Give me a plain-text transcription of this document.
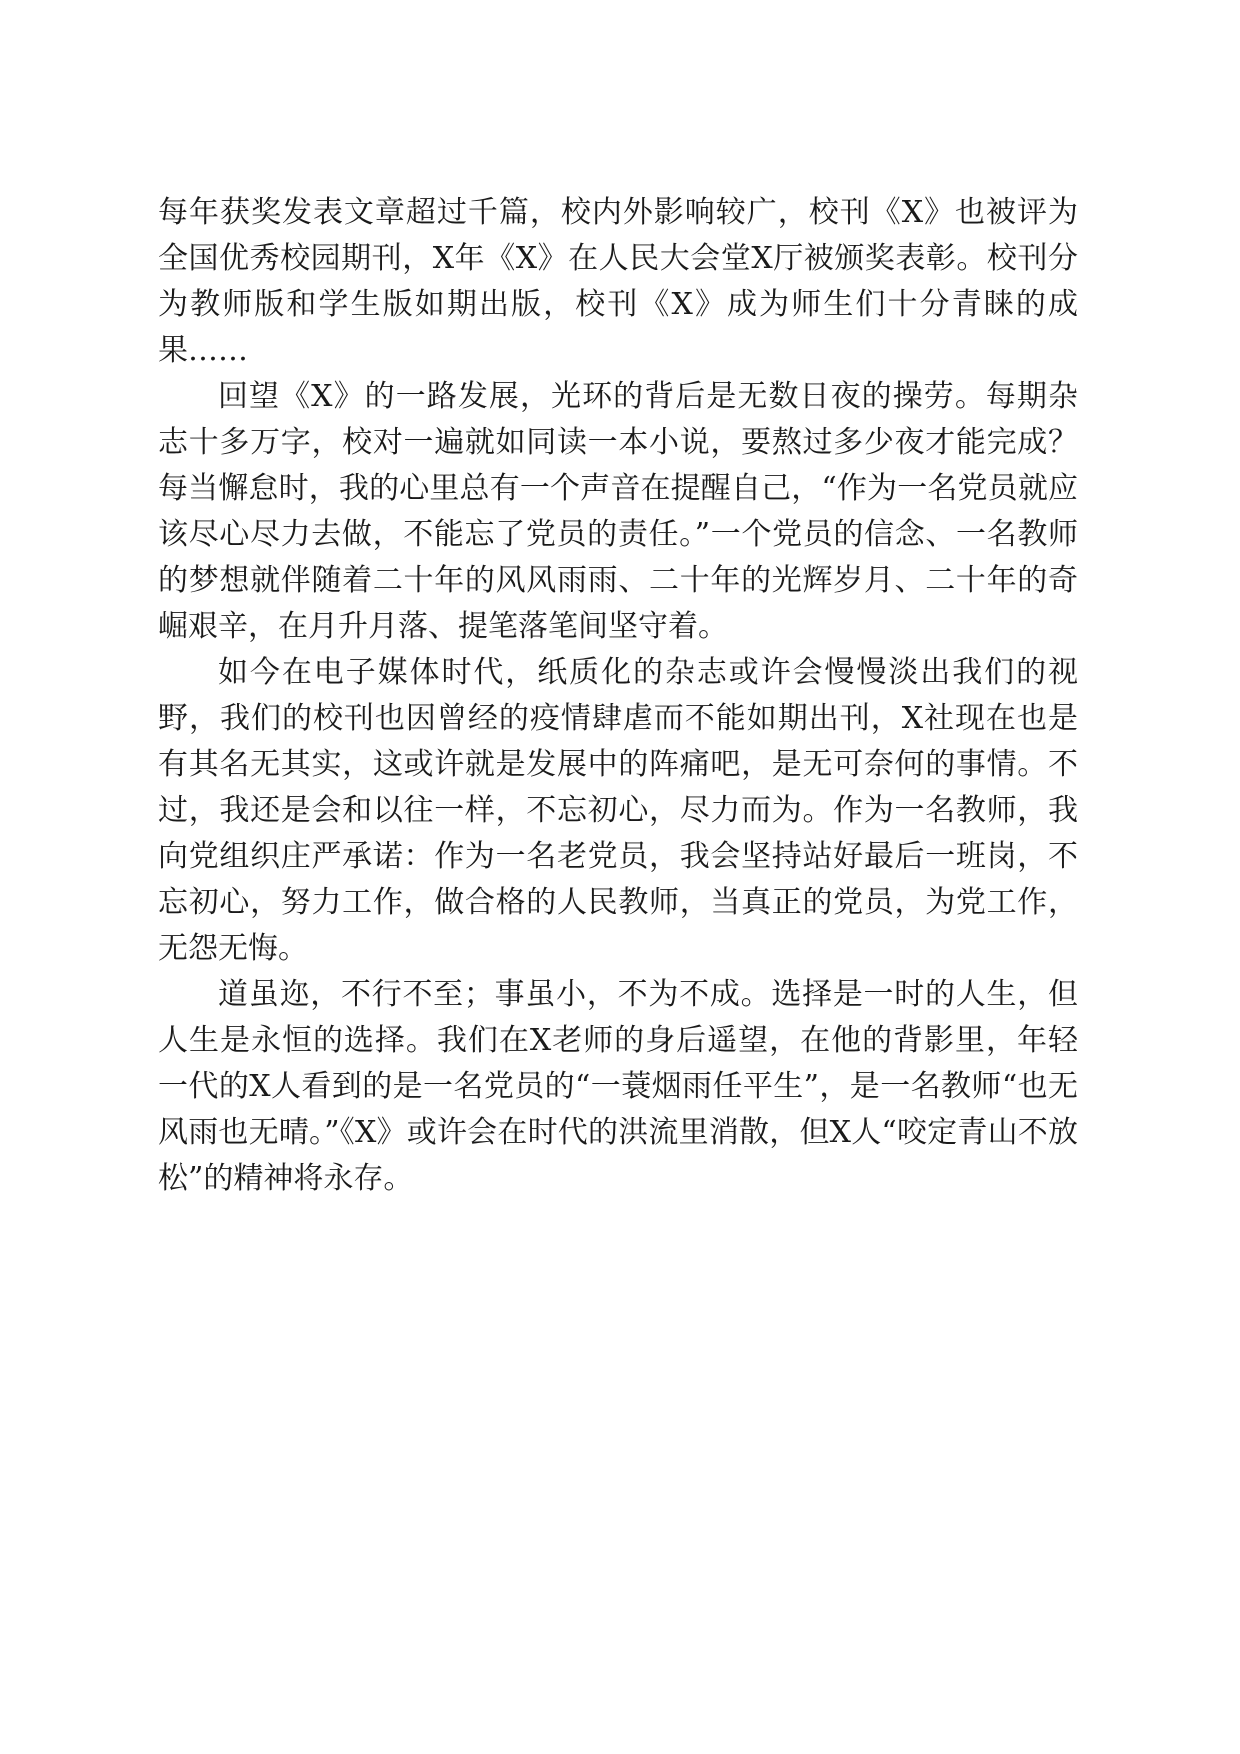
每年获奖发表文章超过千篇，校内外影响较广，校刊《X》也被评为全国优秀校园期刊，X年《X》在人民大会堂X厅被颁奖表彰。校刊分为教师版和学生版如期出版，校刊《X》成为师生们十分青睐的成果……

回望《X》的一路发展，光环的背后是无数日夜的操劳。每期杂志十多万字，校对一遍就如同读一本小说，要熬过多少夜才能完成？每当懈怠时，我的心里总有一个声音在提醒自己，“作为一名党员就应该尽心尽力去做，不能忘了党员的责任。”一个党员的信念、一名教师的梦想就伴随着二十年的风风雨雨、二十年的光辉岁月、二十年的奇崛艰辛，在月升月落、提笔落笔间坚守着。

如今在电子媒体时代，纸质化的杂志或许会慢慢淡出我们的视野，我们的校刊也因曾经的疫情肆虐而不能如期出刊，X社现在也是有其名无其实，这或许就是发展中的阵痛吧，是无可奈何的事情。不过，我还是会和以往一样，不忘初心，尽力而为。作为一名教师，我向党组织庄严承诺：作为一名老党员，我会坚持站好最后一班岗，不忘初心，努力工作，做合格的人民教师，当真正的党员，为党工作，无怨无悔。

道虽迩，不行不至；事虽小，不为不成。选择是一时的人生，但人生是永恒的选择。我们在X老师的身后遥望，在他的背影里，年轻一代的X人看到的是一名党员的“一蓑烟雨任平生”，是一名教师“也无风雨也无晴。”《X》或许会在时代的洪流里消散，但X人“咬定青山不放松”的精神将永存。
